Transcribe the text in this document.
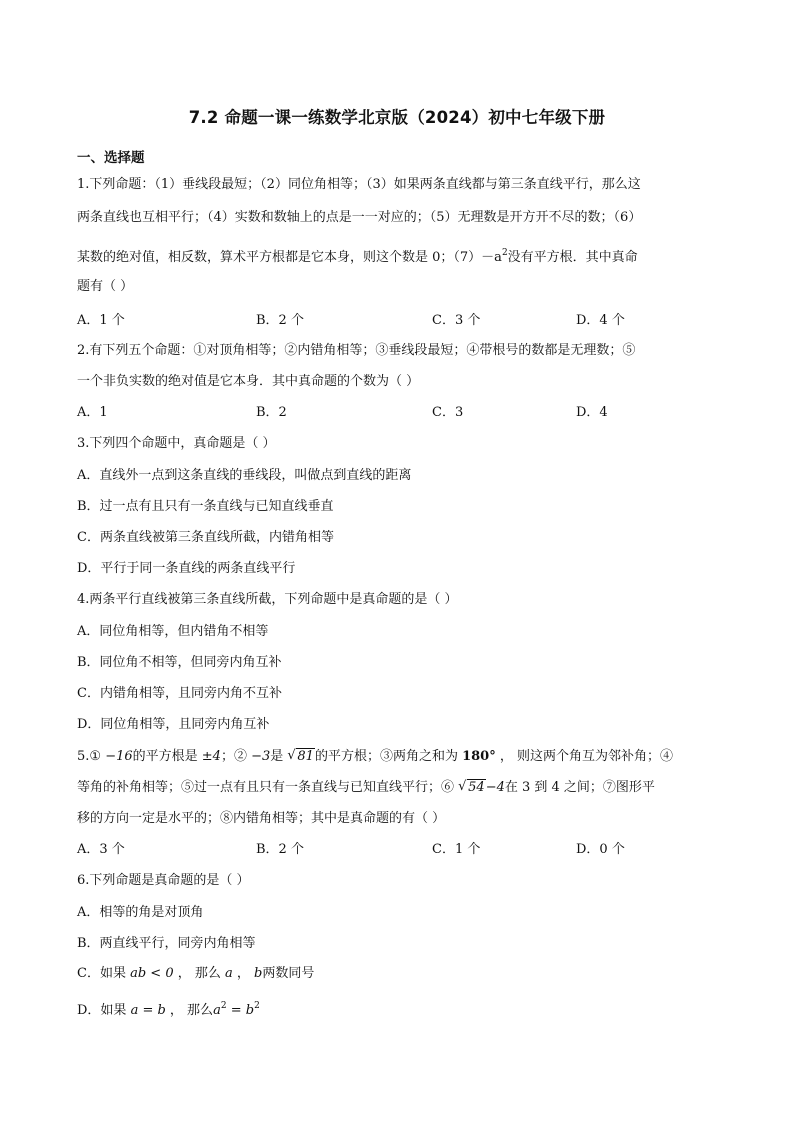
7.2 命题一课一练数学北京版（2024）初中七年级下册
一、选择题
1.下列命题：（1）垂线段最短；（2）同位角相等；（3）如果两条直线都与第三条直线平行，那么这
两条直线也互相平行；（4）实数和数轴上的点是一一对应的；（5）无理数是开方开不尽的数；（6）
某数的绝对值，相反数，算术平方根都是它本身，则这个数是 0；$(7)-a^2$没有平方根．其中真命
题有（ ）
A．1 个	B．2 个	C．3 个	D．4 个
2.有下列五个命题：①对顶角相等；②内错角相等；③垂线段最短；④带根号的数都是无理数；⑤
一个非负实数的绝对值是它本身．其中真命题的个数为（ ）
A．1	B．2	C．3	D．4
3.下列四个命题中，真命题是（ ）
A．直线外一点到这条直线的垂线段，叫做点到直线的距离
B．过一点有且只有一条直线与已知直线垂直
C．两条直线被第三条直线所截，内错角相等
D．平行于同一条直线的两条直线平行
4.两条平行直线被第三条直线所截，下列命题中是真命题的是（ ）
A．同位角相等，但内错角不相等
B．同位角不相等，但同旁内角互补
C．内错角相等，且同旁内角不互补
D．同位角相等，且同旁内角互补
5.① −16的平方根是 ±4；② −3是 √ 81的平方根；③两角之和为 180° ， 则这两个角互为邻补角；④
等角的补角相等；⑤过一点有且只有一条直线与已知直线平行；⑥ √ 54−4在 3 到 4 之间；⑦图形平
移的方向一定是水平的；⑧内错角相等；其中是真命题的有（ ）
A．3 个	B．2 个	C．1 个	D．0 个
6.下列命题是真命题的是（ ）
A．相等的角是对顶角
B．两直线平行，同旁内角相等
C．如果 ab < 0 ， 那么 a ， b两数同号
D．如果 a = b ， 那么$a^2 = b^2$
